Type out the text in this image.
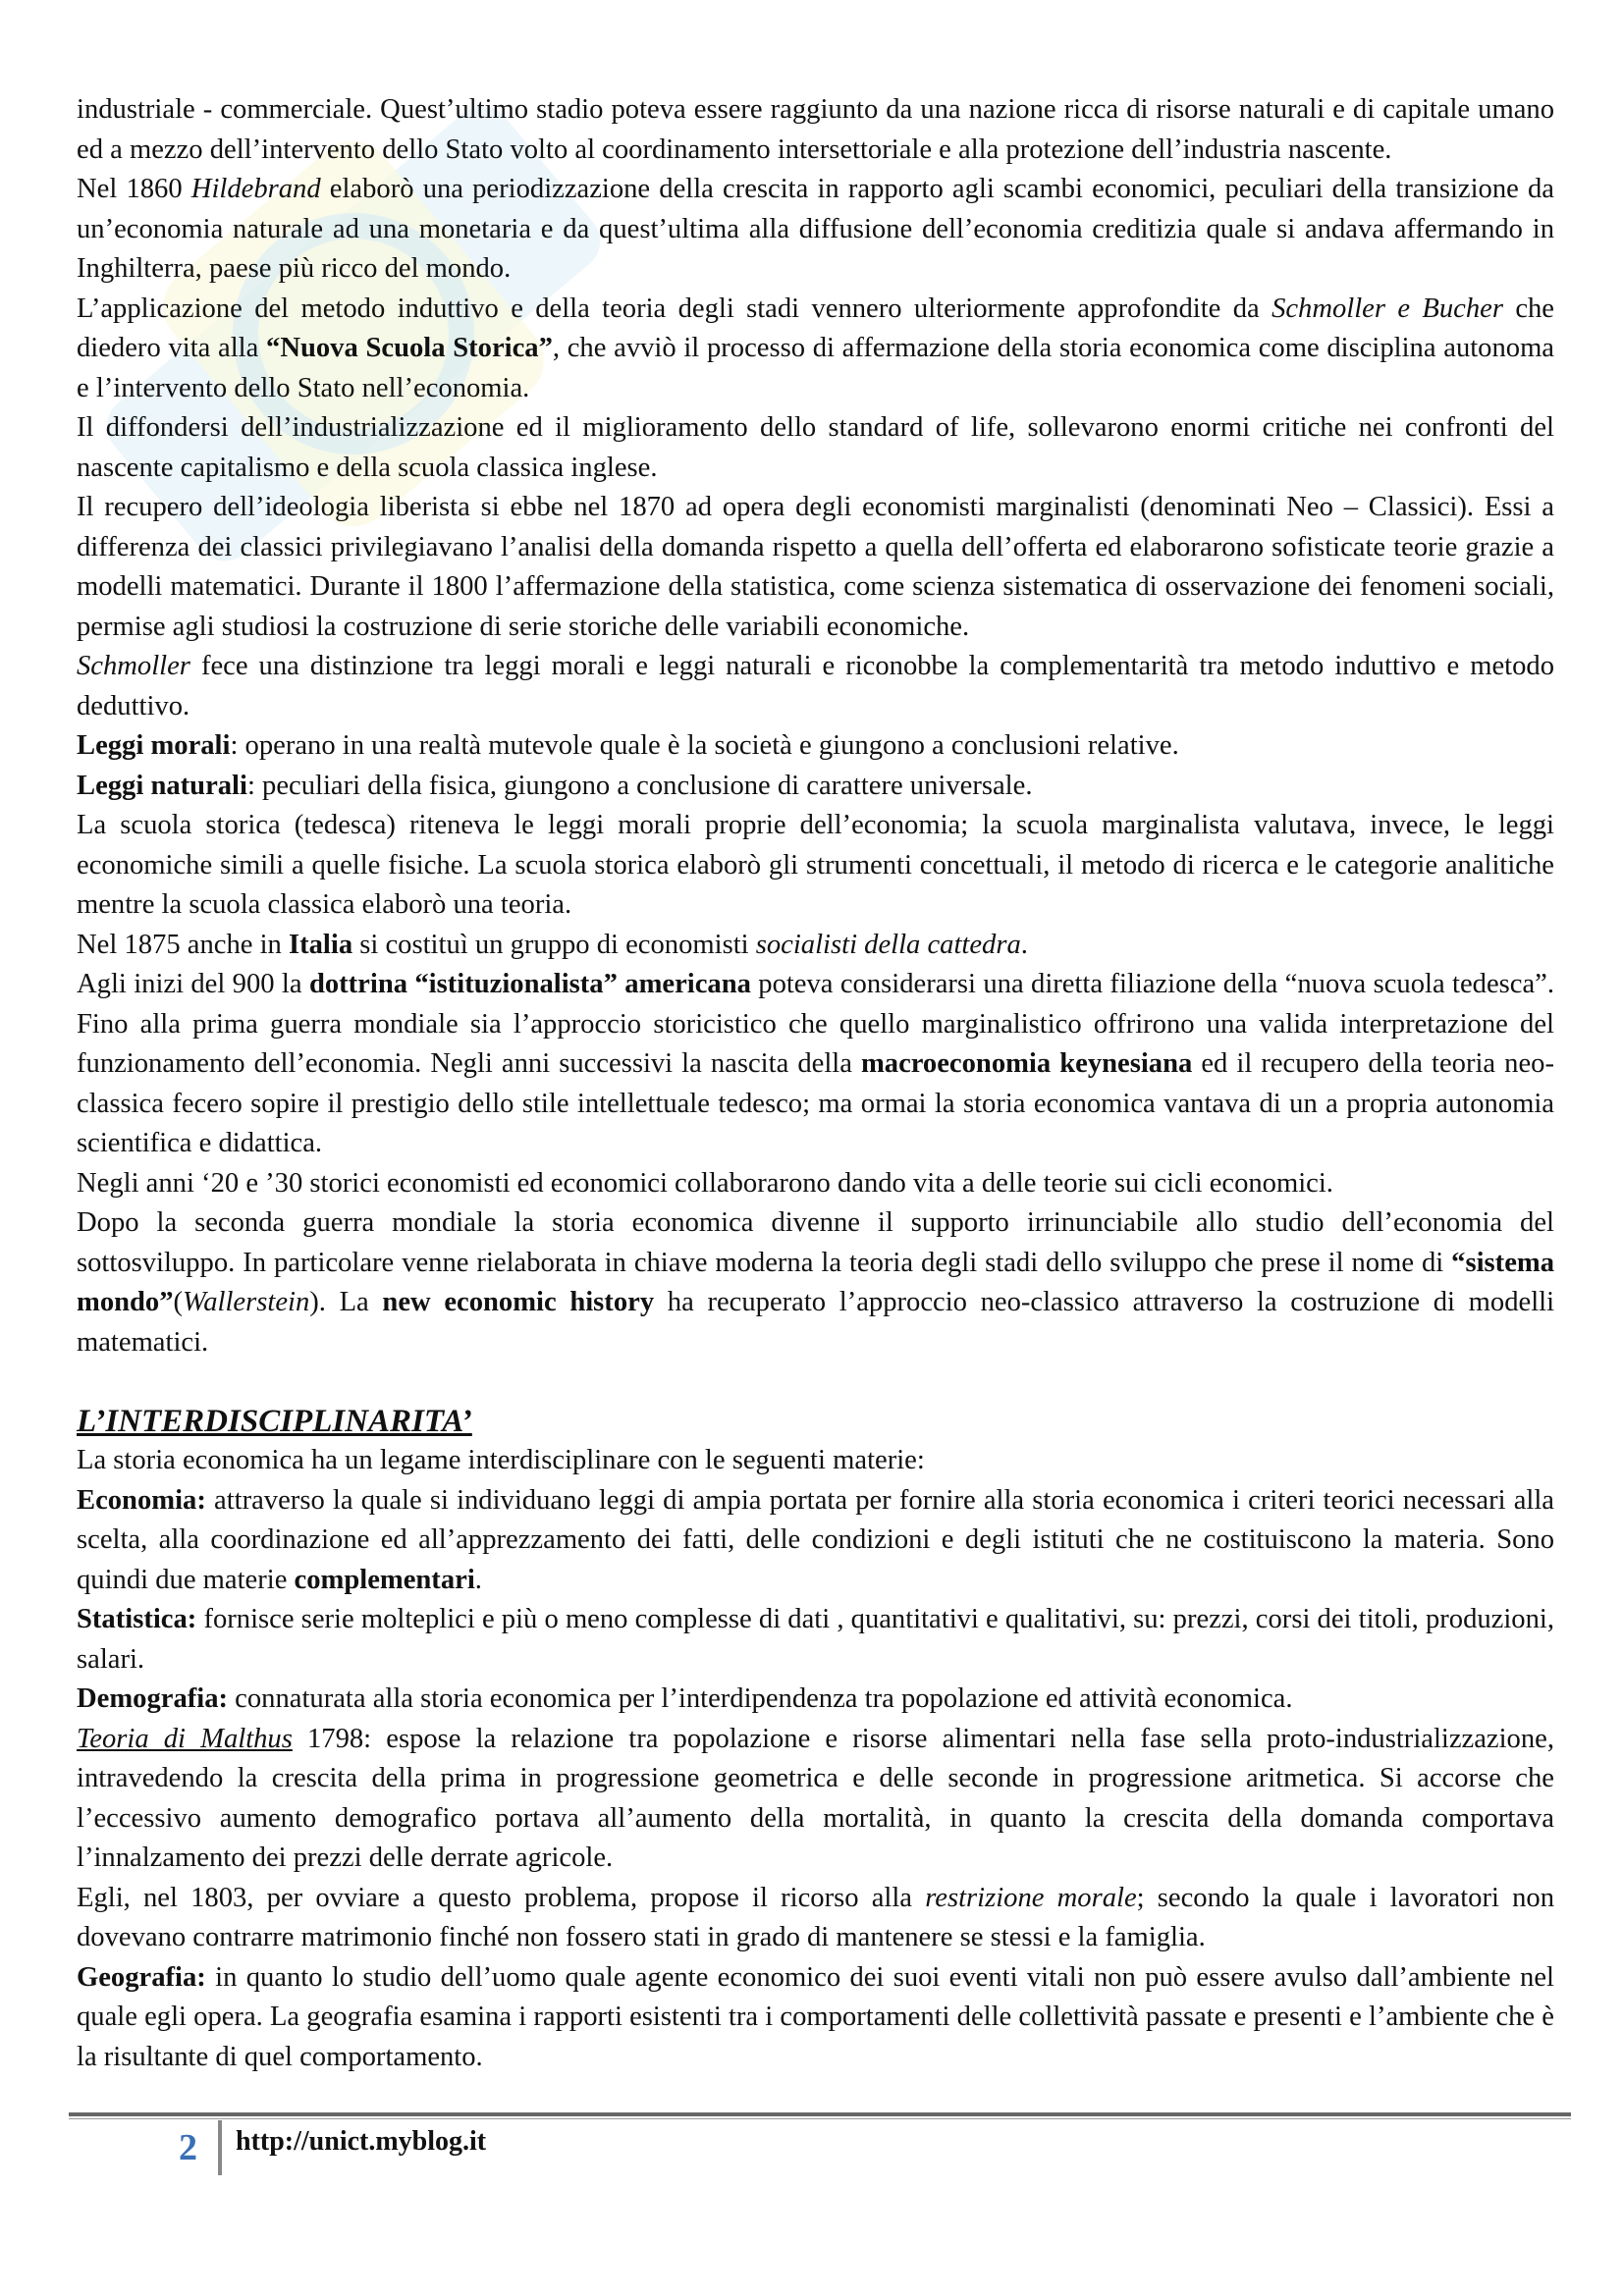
industriale - commerciale. Quest’ultimo stadio poteva essere raggiunto da una nazione ricca di risorse naturali e di capitale umano ed a mezzo dell’intervento dello Stato volto al coordinamento intersettoriale e alla protezione dell’industria nascente.

Nel 1860 Hildebrand elaborò una periodizzazione della crescita in rapporto agli scambi economici, peculiari della transizione da un’economia naturale ad una monetaria e da quest’ultima alla diffusione dell’economia creditizia quale si andava affermando in Inghilterra, paese più ricco del mondo.

L’applicazione del metodo induttivo e della teoria degli stadi vennero ulteriormente approfondite da Schmoller e Bucher che diedero vita alla “Nuova Scuola Storica”, che avviò il processo di affermazione della storia economica come disciplina autonoma e l’intervento dello Stato nell’economia.

Il diffondersi dell’industrializzazione ed il miglioramento dello standard of life, sollevarono enormi critiche nei confronti del nascente capitalismo e della scuola classica inglese.

Il recupero dell’ideologia liberista si ebbe nel 1870 ad opera degli economisti marginalisti (denominati Neo – Classici). Essi a differenza dei classici privilegiavano l’analisi della domanda rispetto a quella dell’offerta ed elaborarono sofisticate teorie grazie a modelli matematici. Durante il 1800 l’affermazione della statistica, come scienza sistematica di osservazione dei fenomeni sociali, permise agli studiosi la costruzione di serie storiche delle variabili economiche.

Schmoller fece una distinzione tra leggi morali e leggi naturali e riconobbe la complementarità tra metodo induttivo e metodo deduttivo.

Leggi morali: operano in una realtà mutevole quale è la società e giungono a conclusioni relative.

Leggi naturali: peculiari della fisica, giungono a conclusione di carattere universale.

La scuola storica (tedesca) riteneva le leggi morali proprie dell’economia; la scuola marginalista valutava, invece, le leggi economiche simili a quelle fisiche. La scuola storica elaborò gli strumenti concettuali, il metodo di ricerca e le categorie analitiche mentre la scuola classica elaborò una teoria.

Nel 1875 anche in Italia si costituì un gruppo di economisti socialisti della cattedra.

Agli inizi del 900 la dottrina “istituzionalista” americana poteva considerarsi una diretta filiazione della “nuova scuola tedesca”. Fino alla prima guerra mondiale sia l’approccio storicistico che quello marginalistico offrirono una valida interpretazione del funzionamento dell’economia. Negli anni successivi la nascita della macroeconomia keynesiana ed il recupero della teoria neo-classica fecero sopire il prestigio dello stile intellettuale tedesco; ma ormai la storia economica vantava di un a propria autonomia scientifica e didattica.

Negli anni ‘20 e ’30 storici economisti ed economici collaborarono dando vita a delle teorie sui cicli economici.

Dopo la seconda guerra mondiale la storia economica divenne il supporto irrinunciabile allo studio dell’economia del sottosviluppo. In particolare venne rielaborata in chiave moderna la teoria degli stadi dello sviluppo che prese il nome di “sistema mondo”(Wallerstein). La new economic history ha recuperato l’approccio neo-classico attraverso la costruzione di modelli matematici.

L’INTERDISCIPLINARITA’

La storia economica ha un legame interdisciplinare con le seguenti materie:

Economia: attraverso la quale si individuano leggi di ampia portata per fornire alla storia economica i criteri teorici necessari alla scelta, alla coordinazione ed all’apprezzamento dei fatti, delle condizioni e degli istituti che ne costituiscono la materia. Sono quindi due materie complementari.

Statistica: fornisce serie molteplici e più o meno complesse di dati , quantitativi e qualitativi, su: prezzi, corsi dei titoli, produzioni, salari.

Demografia: connaturata alla storia economica per l’interdipendenza tra popolazione ed attività economica.

Teoria di Malthus 1798: espose la relazione tra popolazione e risorse alimentari nella fase sella proto-industrializzazione, intravedendo la crescita della prima in progressione geometrica e delle seconde in progressione aritmetica. Si accorse che l’eccessivo aumento demografico portava all’aumento della mortalità, in quanto la crescita della domanda comportava l’innalzamento dei prezzi delle derrate agricole.

Egli, nel 1803, per ovviare a questo problema, propose il ricorso alla restrizione morale; secondo la quale i lavoratori non dovevano contrarre matrimonio finché non fossero stati in grado di mantenere se stessi e la famiglia.

Geografia: in quanto lo studio dell’uomo quale agente economico dei suoi eventi vitali non può essere avulso dall’ambiente nel quale egli opera. La geografia esamina i rapporti esistenti tra i comportamenti delle collettività passate e presenti e l’ambiente che è la risultante di quel comportamento.

2 http://unict.myblog.it
